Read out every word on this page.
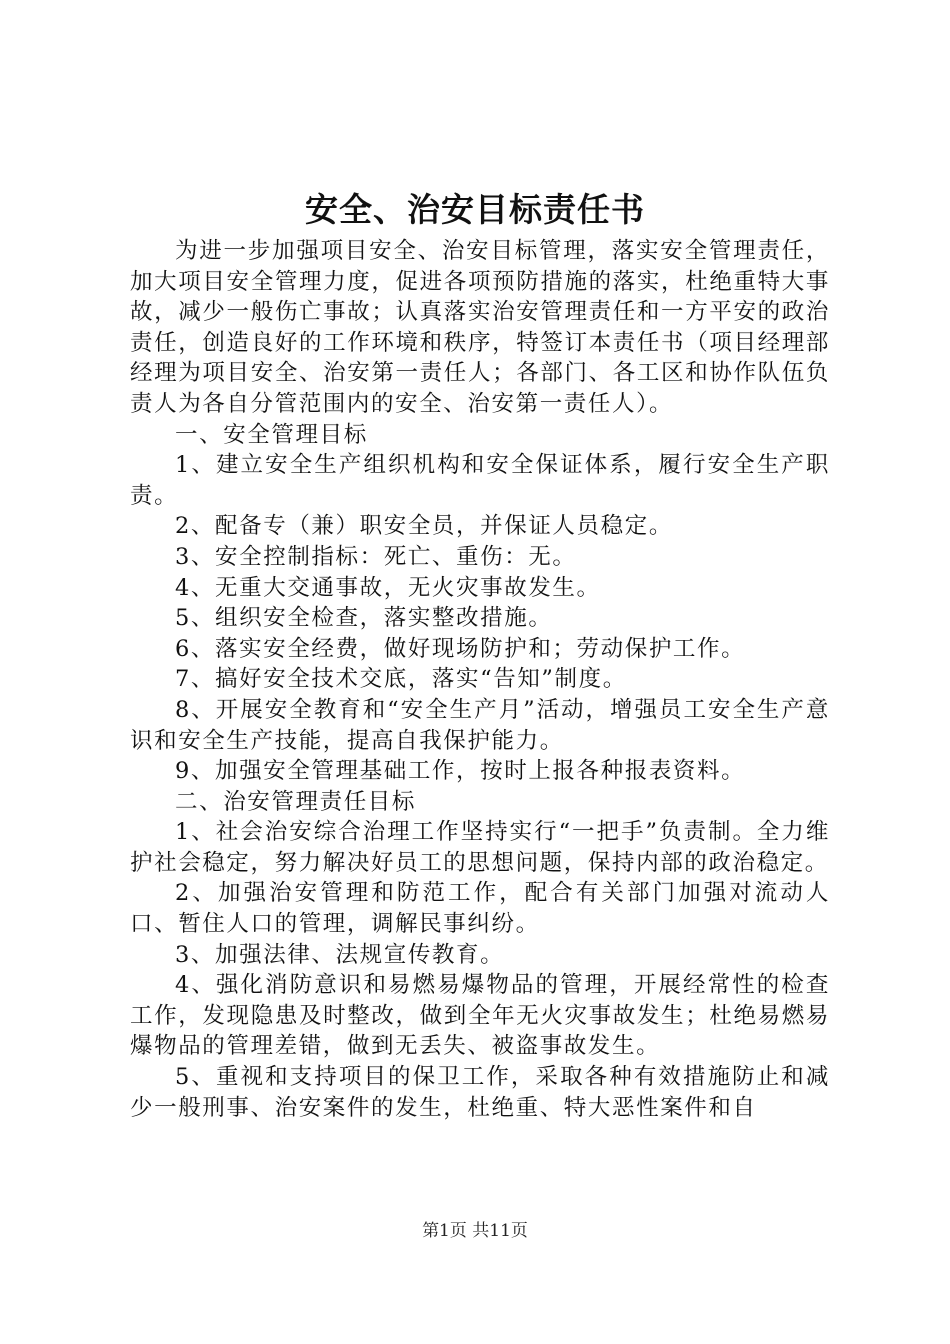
安全、治安目标责任书

为进一步加强项目安全、治安目标管理，落实安全管理责任，加大项目安全管理力度，促进各项预防措施的落实，杜绝重特大事故，减少一般伤亡事故；认真落实治安管理责任和一方平安的政治责任，创造良好的工作环境和秩序，特签订本责任书（项目经理部经理为项目安全、治安第一责任人；各部门、各工区和协作队伍负责人为各自分管范围内的安全、治安第一责任人）。

一、安全管理目标

1、建立安全生产组织机构和安全保证体系，履行安全生产职责。

2、配备专（兼）职安全员，并保证人员稳定。

3、安全控制指标：死亡、重伤：无。

4、无重大交通事故，无火灾事故发生。

5、组织安全检查，落实整改措施。

6、落实安全经费，做好现场防护和；劳动保护工作。

7、搞好安全技术交底，落实“告知”制度。

8、开展安全教育和“安全生产月”活动，增强员工安全生产意识和安全生产技能，提高自我保护能力。

9、加强安全管理基础工作，按时上报各种报表资料。

二、治安管理责任目标

1、社会治安综合治理工作坚持实行“一把手”负责制。全力维护社会稳定，努力解决好员工的思想问题，保持内部的政治稳定。

2、加强治安管理和防范工作，配合有关部门加强对流动人口、暂住人口的管理，调解民事纠纷。

3、加强法律、法规宣传教育。

4、强化消防意识和易燃易爆物品的管理，开展经常性的检查工作，发现隐患及时整改，做到全年无火灾事故发生；杜绝易燃易爆物品的管理差错，做到无丢失、被盗事故发生。

5、重视和支持项目的保卫工作，采取各种有效措施防止和减少一般刑事、治安案件的发生，杜绝重、特大恶性案件和自

第1页 共11页
